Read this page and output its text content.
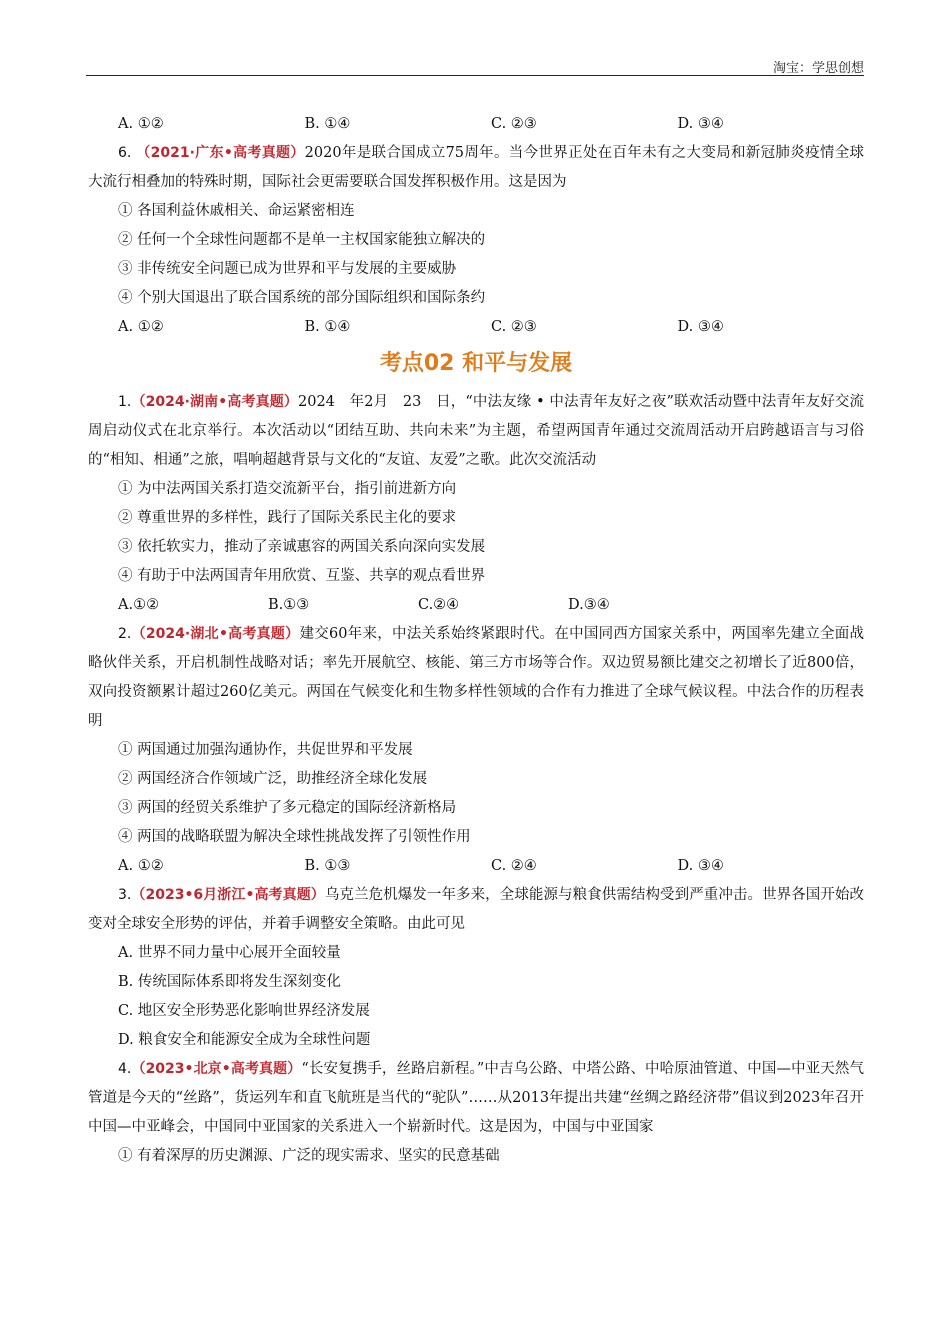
淘宝：学思创想
A. ①②	B. ①④	C. ②③	D. ③④
6. （2021·广东•高考真题）2020年是联合国成立75周年。当今世界正处在百年未有之大变局和新冠肺炎疫情全球大流行相叠加的特殊时期，国际社会更需要联合国发挥积极作用。这是因为
① 各国利益休戚相关、命运紧密相连
② 任何一个全球性问题都不是单一主权国家能独立解决的
③ 非传统安全问题已成为世界和平与发展的主要威胁
④ 个别大国退出了联合国系统的部分国际组织和国际条约
A. ①②	B. ①④	C. ②③	D. ③④
考点02 和平与发展
1.（2024·湖南•高考真题）2024　年2月　23　日，“中法友缘 • 中法青年友好之夜”联欢活动暨中法青年友好交流周启动仪式在北京举行。本次活动以“团结互助、共向未来”为主题，希望两国青年通过交流周活动开启跨越语言与习俗的“相知、相通”之旅，唱响超越背景与文化的“友谊、友爱”之歌。此次交流活动
① 为中法两国关系打造交流新平台，指引前进新方向
② 尊重世界的多样性，践行了国际关系民主化的要求
③ 依托软实力，推动了亲诚惠容的两国关系向深向实发展
④ 有助于中法两国青年用欣赏、互鉴、共享的观点看世界
A.①②	B.①③	C.②④	D.③④
2.（2024·湖北•高考真题）建交60年来，中法关系始终紧跟时代。在中国同西方国家关系中，两国率先建立全面战略伙伴关系，开启机制性战略对话；率先开展航空、核能、第三方市场等合作。双边贸易额比建交之初增长了近800倍，双向投资额累计超过260亿美元。两国在气候变化和生物多样性领域的合作有力推进了全球气候议程。中法合作的历程表明
① 两国通过加强沟通协作，共促世界和平发展
② 两国经济合作领域广泛，助推经济全球化发展
③ 两国的经贸关系维护了多元稳定的国际经济新格局
④ 两国的战略联盟为解决全球性挑战发挥了引领性作用
A. ①②	B. ①③	C. ②④	D. ③④
3.（2023•6月浙江•高考真题）乌克兰危机爆发一年多来，全球能源与粮食供需结构受到严重冲击。世界各国开始改变对全球安全形势的评估，并着手调整安全策略。由此可见
A. 世界不同力量中心展开全面较量
B. 传统国际体系即将发生深刻变化
C. 地区安全形势恶化影响世界经济发展
D. 粮食安全和能源安全成为全球性问题
4.（2023•北京•高考真题）“长安复携手，丝路启新程。”中吉乌公路、中塔公路、中哈原油管道、中国—中亚天然气管道是今天的“丝路”，货运列车和直飞航班是当代的“驼队”……从2013年提出共建“丝绸之路经济带”倡议到2023年召开中国—中亚峰会，中国同中亚国家的关系进入一个崭新时代。这是因为，中国与中亚国家
① 有着深厚的历史渊源、广泛的现实需求、坚实的民意基础
